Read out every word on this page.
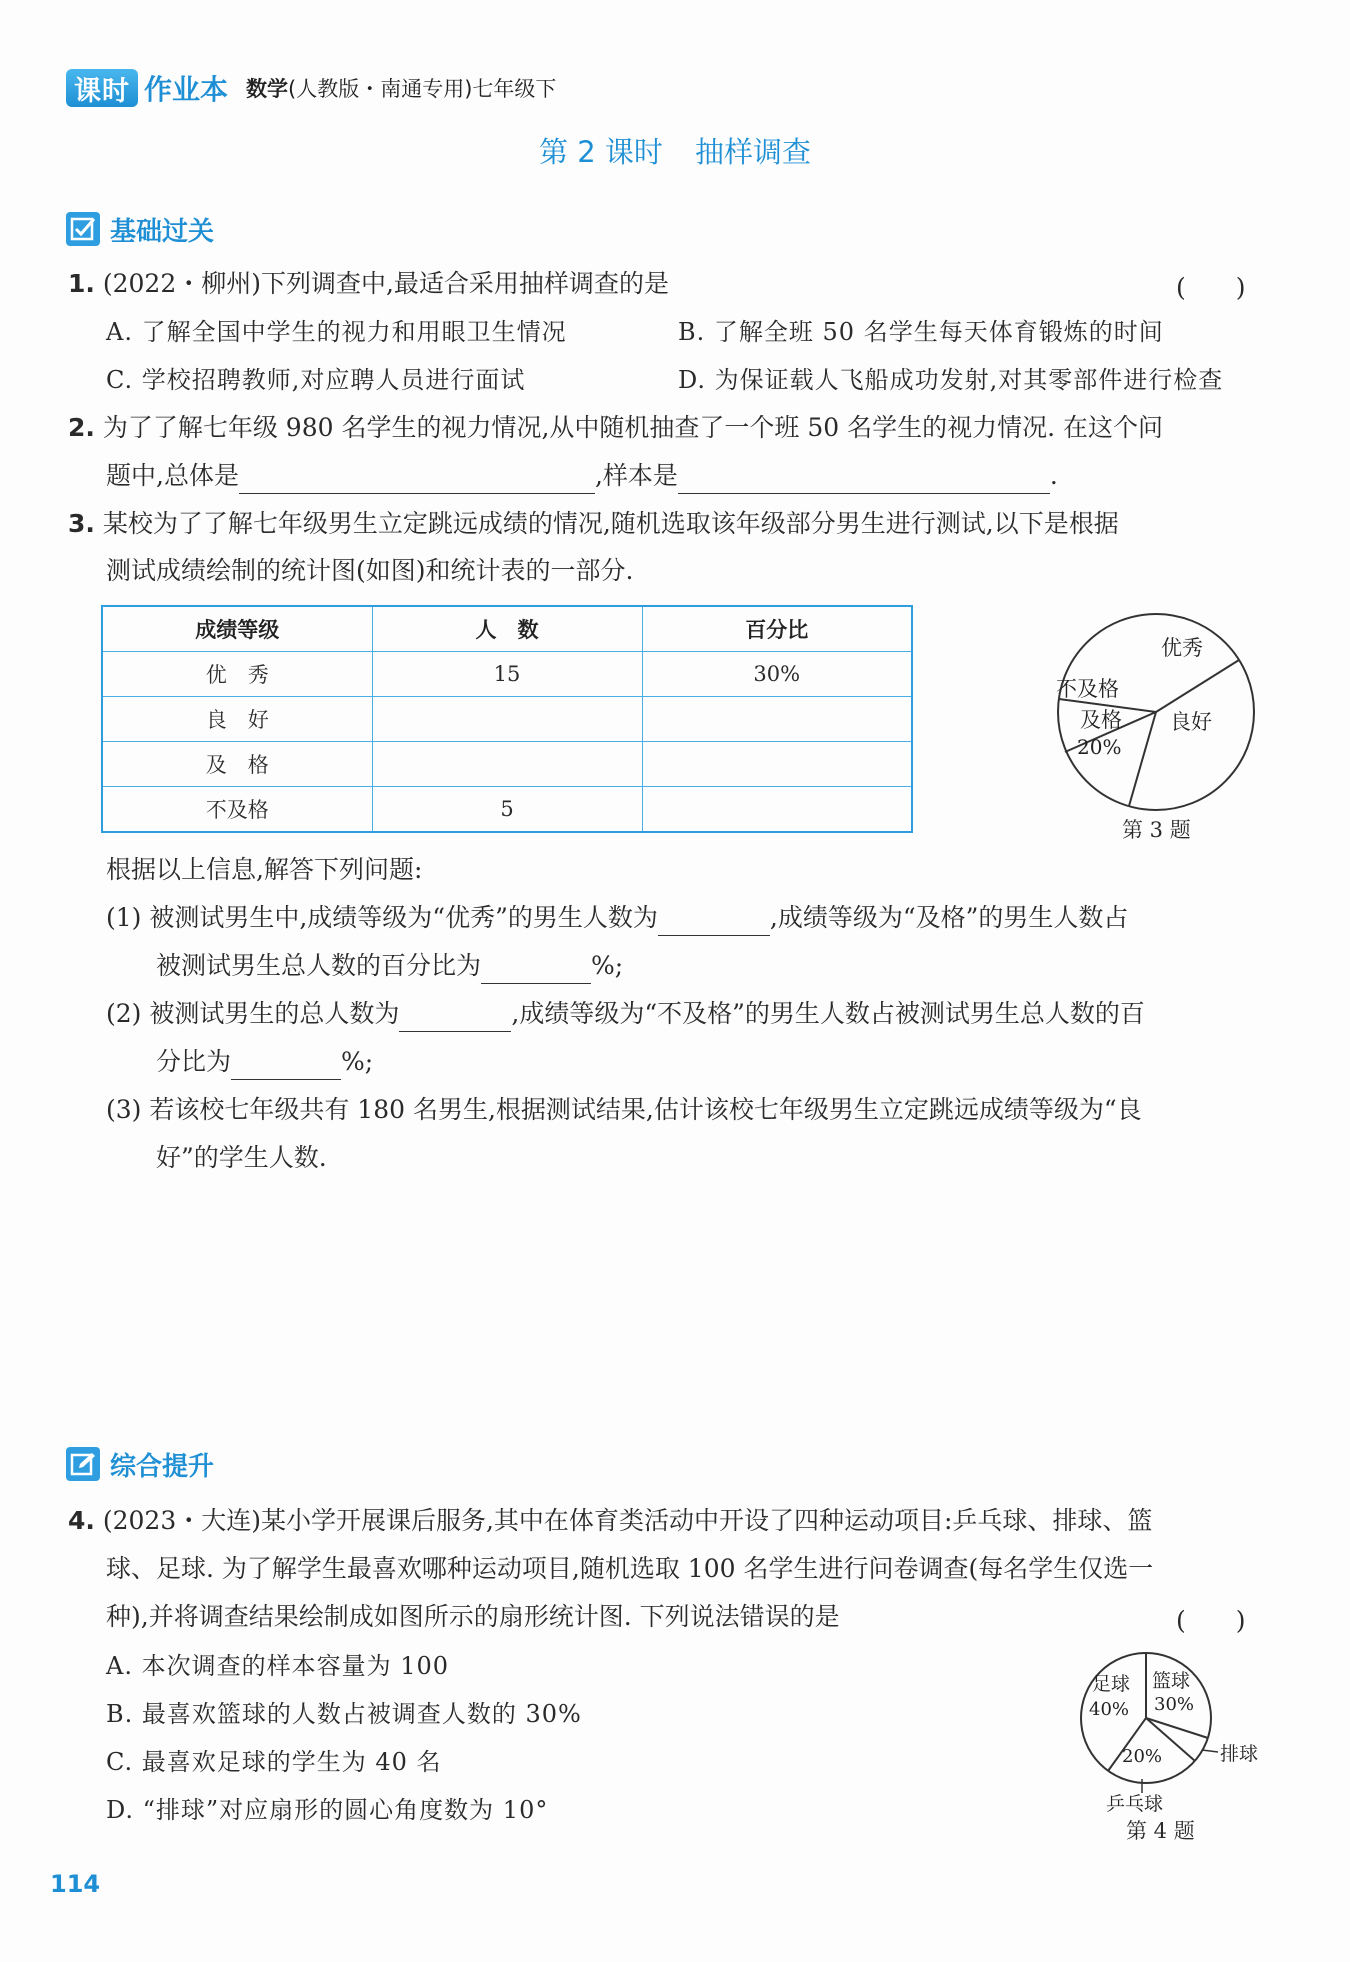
课时 作业本 数学(人教版・南通专用)七年级下
第 2 课时 抽样调查
基础过关
1. (2022・柳州)下列调查中,最适合采用抽样调查的是	(　　)
A. 了解全国中学生的视力和用眼卫生情况	B. 了解全班 50 名学生每天体育锻炼的时间
C. 学校招聘教师,对应聘人员进行面试	D. 为保证载人飞船成功发射,对其零部件进行检查
2. 为了了解七年级 980 名学生的视力情况,从中随机抽查了一个班 50 名学生的视力情况. 在这个问
题中,总体是	,样本是	.
3. 某校为了了解七年级男生立定跳远成绩的情况,随机选取该年级部分男生进行测试,以下是根据
测试成绩绘制的统计图(如图)和统计表的一部分.
成绩等级	人　数	百分比
优　秀	15	30%
良　好		
及　格		
不及格	5	
优秀
不及格
及格
20%
良好
第 3 题
根据以上信息,解答下列问题:
(1) 被测试男生中,成绩等级为“优秀”的男生人数为	,成绩等级为“及格”的男生人数占
被测试男生总人数的百分比为	%;
(2) 被测试男生的总人数为	,成绩等级为“不及格”的男生人数占被测试男生总人数的百
分比为	%;
(3) 若该校七年级共有 180 名男生,根据测试结果,估计该校七年级男生立定跳远成绩等级为“良
好”的学生人数.
综合提升
4. (2023・大连)某小学开展课后服务,其中在体育类活动中开设了四种运动项目:乒乓球、排球、篮
球、足球. 为了解学生最喜欢哪种运动项目,随机选取 100 名学生进行问卷调查(每名学生仅选一
种),并将调查结果绘制成如图所示的扇形统计图. 下列说法错误的是	(　　)
A. 本次调查的样本容量为 100
B. 最喜欢篮球的人数占被调查人数的 30%
C. 最喜欢足球的学生为 40 名
D. “排球”对应扇形的圆心角度数为 10°
足球
40%
篮球
30%
排球
20%
乒乓球
第 4 题
114
